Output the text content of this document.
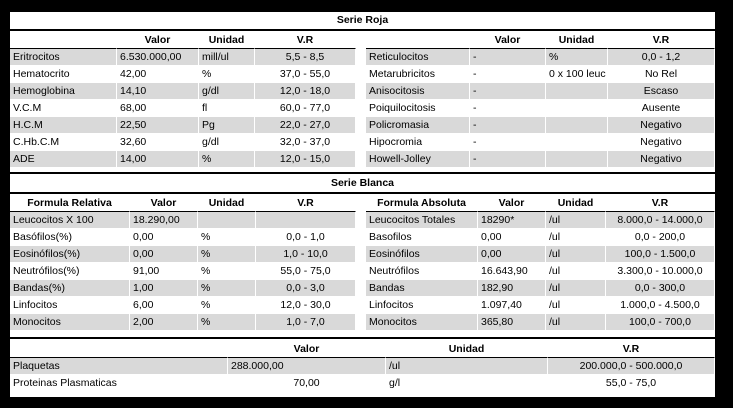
Serie Roja
	Valor	Unidad	V.R
Eritrocitos	6.530.000,00	mill/ul	5,5 - 8,5
Hematocrito	42,00	%	37,0 - 55,0
Hemoglobina	14,10	g/dl	12,0 - 18,0
V.C.M	68,00	fl	60,0 - 77,0
H.C.M	22,50	Pg	22,0 - 27,0
C.Hb.C.M	32,60	g/dl	32,0 - 37,0
ADE	14,00	%	12,0 - 15,0
	Valor	Unidad	V.R
Reticulocitos	-	%	0,0 - 1,2
Metarubricitos	-	0 x 100 leuc	No Rel
Anisocitosis	-		Escaso
Poiquilocitosis	-		Ausente
Policromasia	-		Negativo
Hipocromia	-		Negativo
Howell-Jolley	-		Negativo
Serie Blanca
Formula Relativa	Valor	Unidad	V.R
Leucocitos X 100	18.290,00		
Basófilos(%)	0,00	%	0,0 - 1,0
Eosinófilos(%)	0,00	%	1,0 - 10,0
Neutrófilos(%)	91,00	%	55,0 - 75,0
Bandas(%)	1,00	%	0,0 - 3,0
Linfocitos	6,00	%	12,0 - 30,0
Monocitos	2,00	%	1,0 - 7,0
Formula Absoluta	Valor	Unidad	V.R
Leucocitos Totales	18290*	/ul	8.000,0 - 14.000,0
Basofilos	0,00	/ul	0,0 - 200,0
Eosinófilos	0,00	/ul	100,0 - 1.500,0
Neutrófilos	16.643,90	/ul	3.300,0 - 10.000,0
Bandas	182,90	/ul	0,0 - 300,0
Linfocitos	1.097,40	/ul	1.000,0 - 4.500,0
Monocitos	365,80	/ul	100,0 - 700,0
	Valor	Unidad	V.R
Plaquetas	288.000,00	/ul	200.000,0 - 500.000,0
Proteinas Plasmaticas	70,00	g/l	55,0 - 75,0
